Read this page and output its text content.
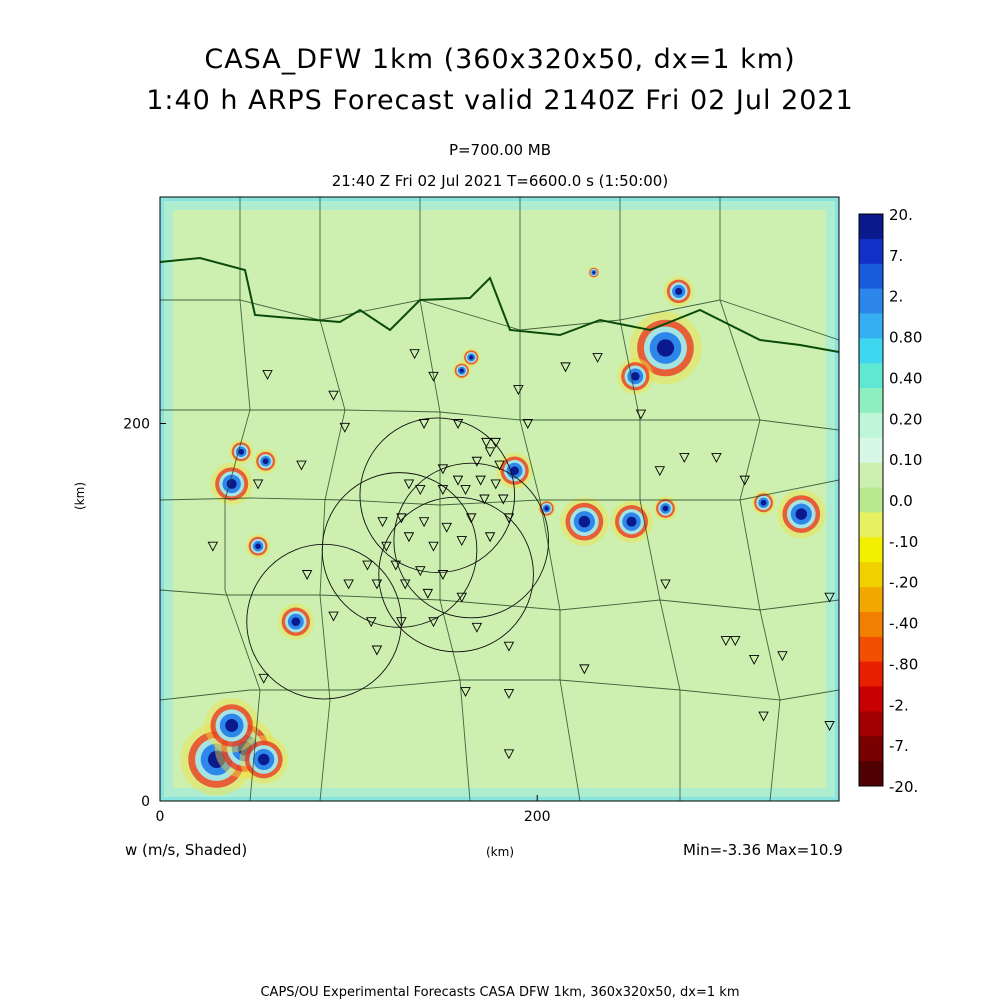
0
0
200
200
20.
7.
2.
0.80
0.40
0.20
0.10
0.0
-.10
-.20
-.40
-.80
-2.
-7.
-20.
CASA_DFW 1km (360x320x50, dx=1 km)
1:40 h ARPS Forecast valid 2140Z Fri 02 Jul 2021
P=700.00 MB
21:40 Z Fri 02 Jul 2021 T=6600.0 s (1:50:00)
w (m/s, Shaded)	(km)	Min=-3.36 Max=10.9
(km)
CAPS/OU Experimental Forecasts CASA DFW 1km, 360x320x50, dx=1 km
